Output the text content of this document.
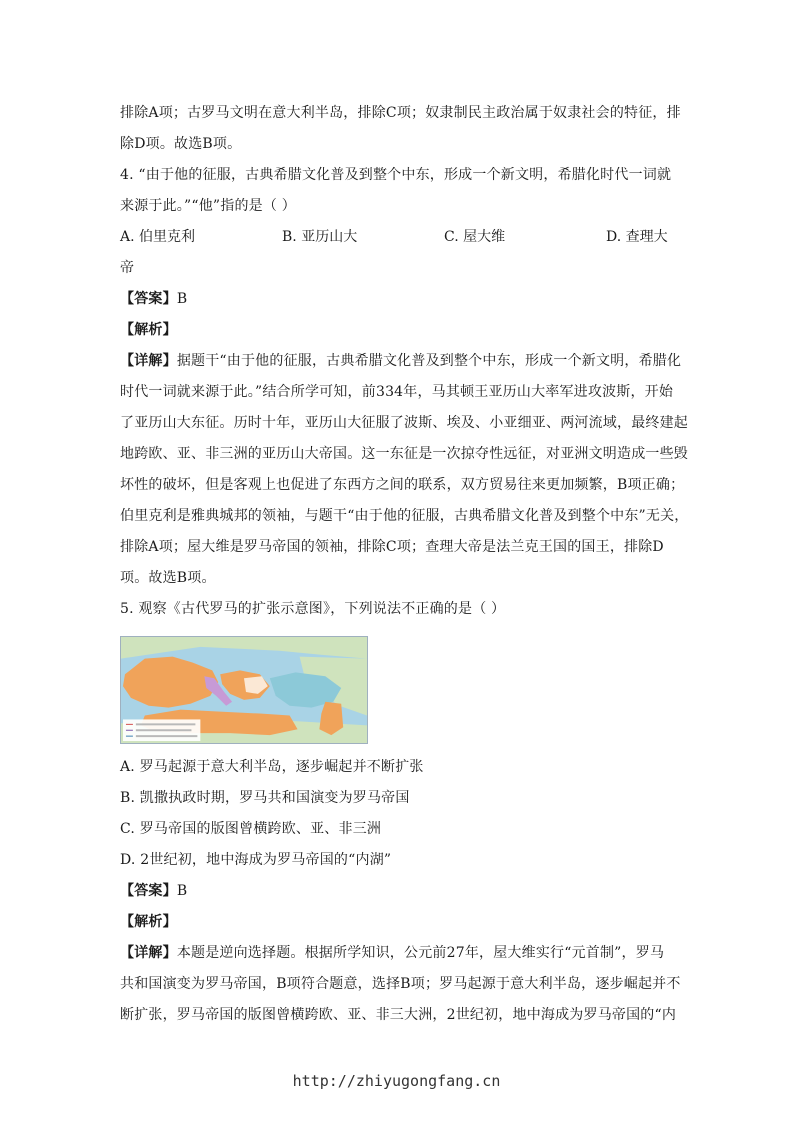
排除A项；古罗马文明在意大利半岛，排除C项；奴隶制民主政治属于奴隶社会的特征，排
除D项。故选B项。
4. “由于他的征服，古典希腊文化普及到整个中东，形成一个新文明，希腊化时代一词就
来源于此。”“他”指的是（ ）
A. 伯里克利	B. 亚历山大	C. 屋大维	D. 查理大
帝
【答案】B
【解析】
【详解】据题干“由于他的征服，古典希腊文化普及到整个中东，形成一个新文明，希腊化
时代一词就来源于此。”结合所学可知，前334年，马其顿王亚历山大率军进攻波斯，开始
了亚历山大东征。历时十年，亚历山大征服了波斯、埃及、小亚细亚、两河流域，最终建起
地跨欧、亚、非三洲的亚历山大帝国。这一东征是一次掠夺性远征，对亚洲文明造成一些毁
坏性的破坏，但是客观上也促进了东西方之间的联系，双方贸易往来更加频繁，B项正确；
伯里克利是雅典城邦的领袖，与题干“由于他的征服，古典希腊文化普及到整个中东”无关，
排除A项；屋大维是罗马帝国的领袖，排除C项；查理大帝是法兰克王国的国王，排除D
项。故选B项。
5. 观察《古代罗马的扩张示意图》，下列说法不正确的是（ ）
A. 罗马起源于意大利半岛，逐步崛起并不断扩张
B. 凯撒执政时期，罗马共和国演变为罗马帝国
C. 罗马帝国的版图曾横跨欧、亚、非三洲
D. 2世纪初，地中海成为罗马帝国的“内湖”
【答案】B
【解析】
【详解】本题是逆向选择题。根据所学知识，公元前27年，屋大维实行“元首制”，罗马
共和国演变为罗马帝国，B项符合题意，选择B项；罗马起源于意大利半岛，逐步崛起并不
断扩张，罗马帝国的版图曾横跨欧、亚、非三大洲，2世纪初，地中海成为罗马帝国的“内
http://zhiyugongfang.cn
